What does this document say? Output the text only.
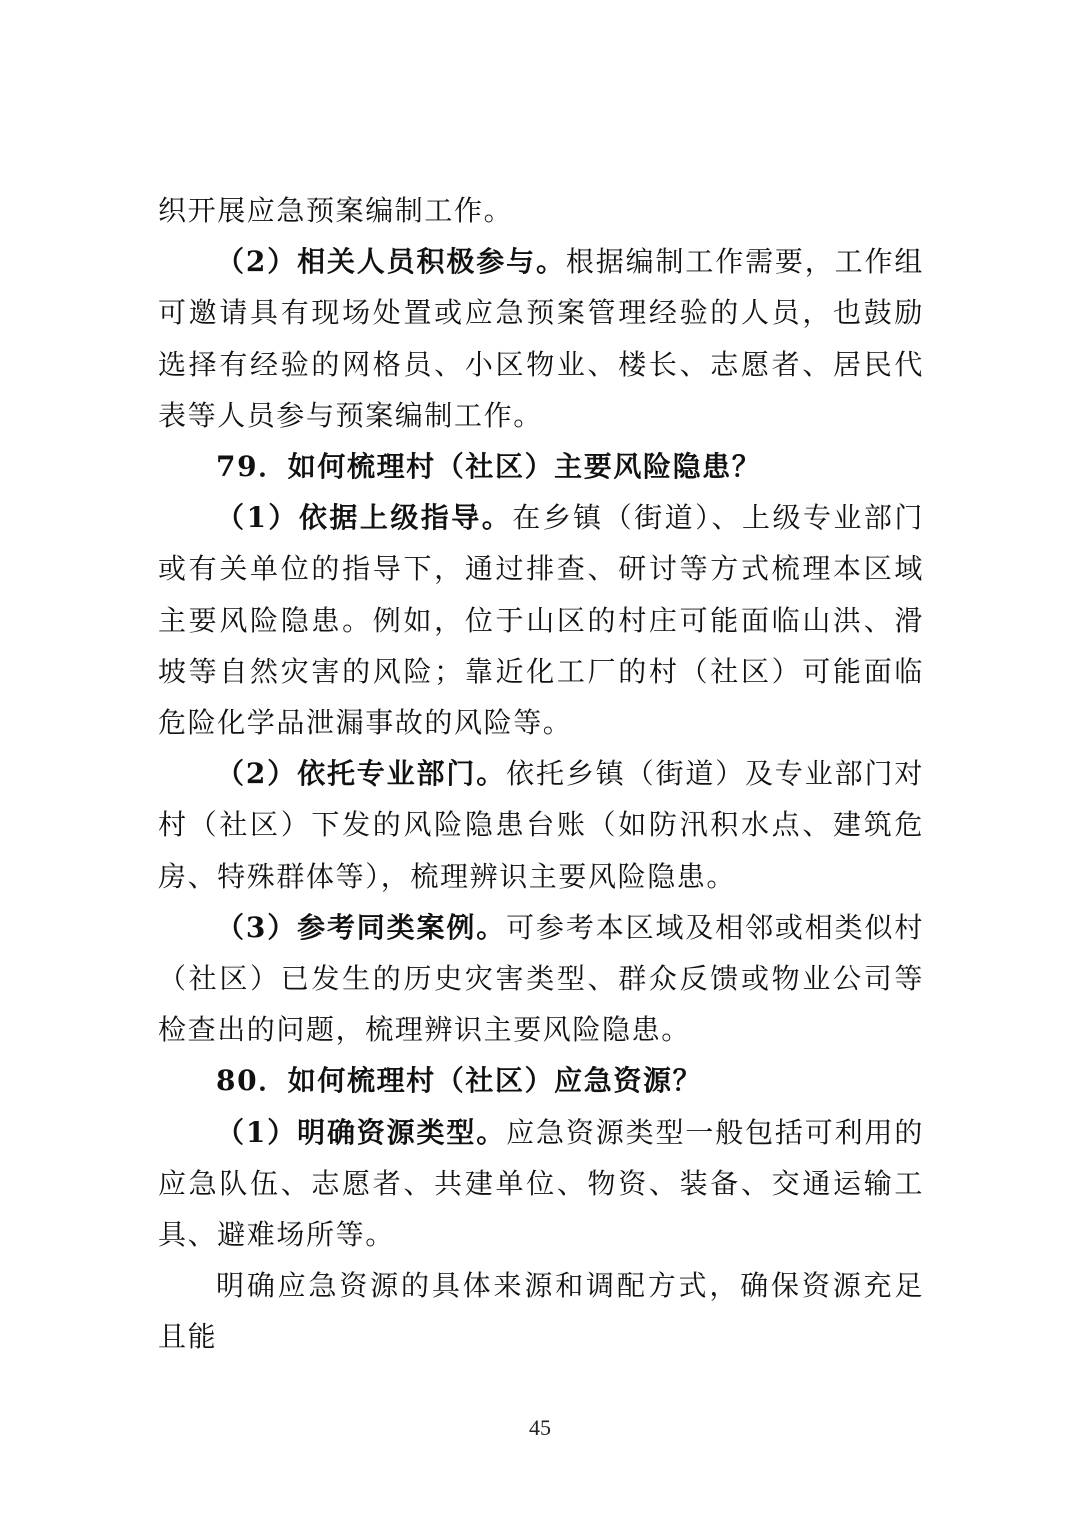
织开展应急预案编制工作。

（2）相关人员积极参与。根据编制工作需要，工作组可邀请具有现场处置或应急预案管理经验的人员，也鼓励选择有经验的网格员、小区物业、楼长、志愿者、居民代表等人员参与预案编制工作。

79．如何梳理村（社区）主要风险隐患？

（1）依据上级指导。在乡镇（街道）、上级专业部门或有关单位的指导下，通过排查、研讨等方式梳理本区域主要风险隐患。例如，位于山区的村庄可能面临山洪、滑坡等自然灾害的风险；靠近化工厂的村（社区）可能面临危险化学品泄漏事故的风险等。

（2）依托专业部门。依托乡镇（街道）及专业部门对村（社区）下发的风险隐患台账（如防汛积水点、建筑危房、特殊群体等），梳理辨识主要风险隐患。

（3）参考同类案例。可参考本区域及相邻或相类似村（社区）已发生的历史灾害类型、群众反馈或物业公司等检查出的问题，梳理辨识主要风险隐患。

80．如何梳理村（社区）应急资源？

（1）明确资源类型。应急资源类型一般包括可利用的应急队伍、志愿者、共建单位、物资、装备、交通运输工具、避难场所等。

明确应急资源的具体来源和调配方式，确保资源充足且能

45
